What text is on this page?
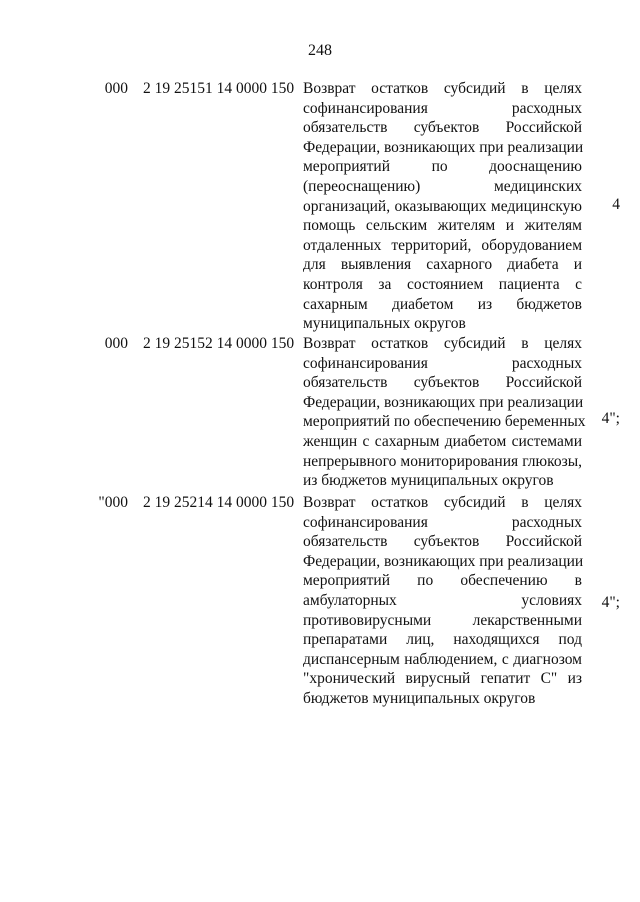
248
000 2 19 25151 14 0000 150 Возврат остатков субсидий в целях
софинансирования расходных
обязательств субъектов Российской
Федерации, возникающих при реализации
мероприятий по дооснащению
(переоснащению) медицинских
организаций, оказывающих медицинскую
помощь сельским жителям и жителям
отдаленных территорий, оборудованием
для выявления сахарного диабета и
контроля за состоянием пациента с
сахарным диабетом из бюджетов
муниципальных округов
4
000 2 19 25152 14 0000 150 Возврат остатков субсидий в целях
софинансирования расходных
обязательств субъектов Российской
Федерации, возникающих при реализации
мероприятий по обеспечению беременных
женщин с сахарным диабетом системами
непрерывного мониторирования глюкозы,
из бюджетов муниципальных округов
4";
"000 2 19 25214 14 0000 150 Возврат остатков субсидий в целях
софинансирования расходных
обязательств субъектов Российской
Федерации, возникающих при реализации
мероприятий по обеспечению в
амбулаторных условиях
противовирусными лекарственными
препаратами лиц, находящихся под
диспансерным наблюдением, с диагнозом
"хронический вирусный гепатит С" из
бюджетов муниципальных округов
4";
